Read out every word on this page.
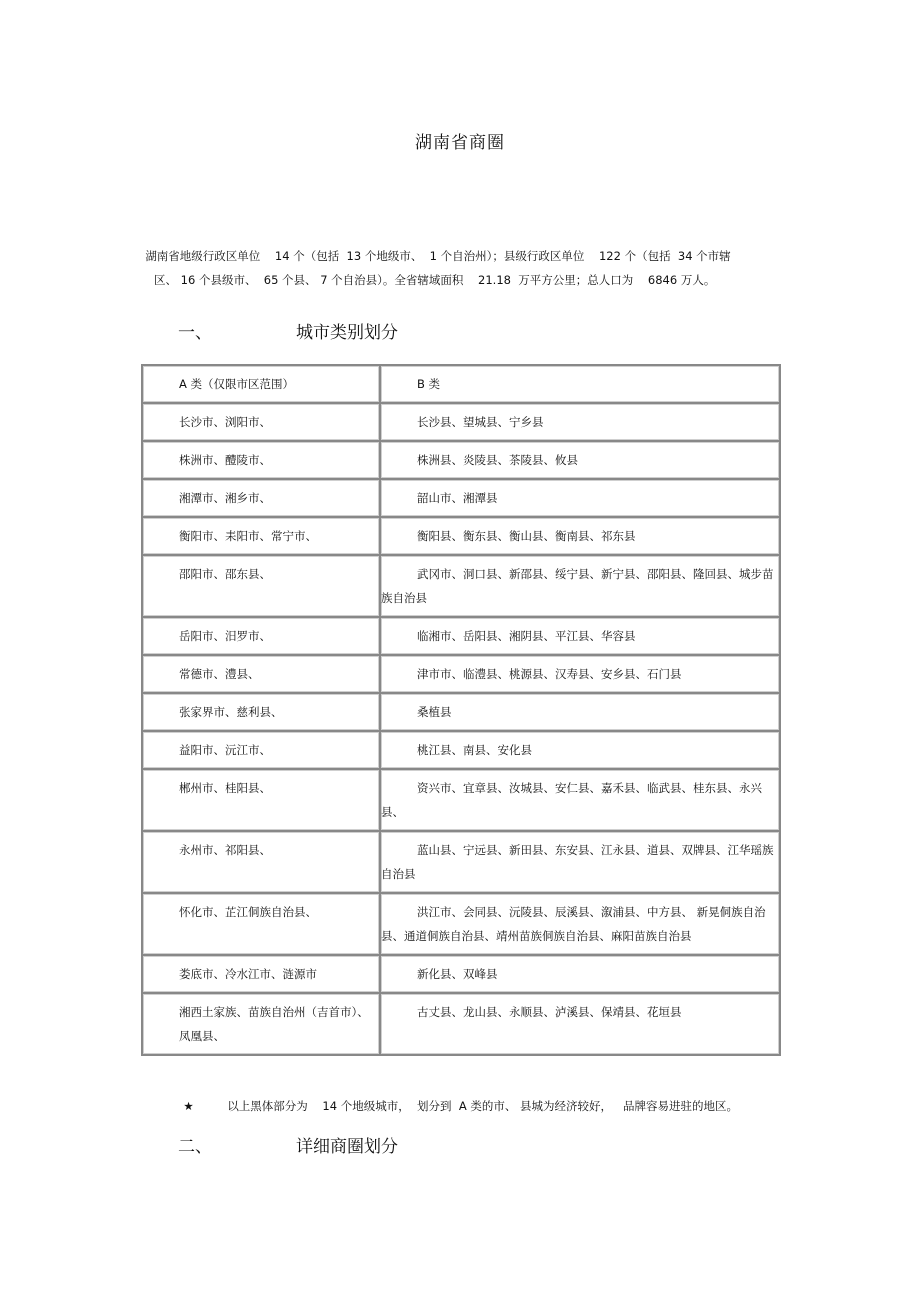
湖南省商圈

湖南省地级行政区单位    14 个（包括  13 个地级市、  1 个自治州）；县级行政区单位    122 个（包括  34 个市辖
区、 16 个县级市、  65 个县、 7 个自治县）。全省辖域面积    21.18  万平方公里；总人口为    6846 万人。

一、	城市类别划分
A 类（仅限市区范围）	B 类

长沙市、浏阳市、	长沙县、望城县、宁乡县

株洲市、醴陵市、	株洲县、炎陵县、茶陵县、攸县

湘潭市、湘乡市、	韶山市、湘潭县

衡阳市、耒阳市、常宁市、	衡阳县、衡东县、衡山县、衡南县、祁东县

邵阳市、邵东县、	武冈市、洞口县、新邵县、绥宁县、新宁县、邵阳县、隆回县、城步苗族自治县

岳阳市、汨罗市、	临湘市、岳阳县、湘阴县、平江县、华容县

常德市、澧县、	津市市、临澧县、桃源县、汉寿县、安乡县、石门县

张家界市、慈利县、	桑植县

益阳市、沅江市、	桃江县、南县、安化县

郴州市、桂阳县、	资兴市、宜章县、汝城县、安仁县、嘉禾县、临武县、桂东县、永兴县、

永州市、祁阳县、	蓝山县、宁远县、新田县、东安县、江永县、道县、双牌县、江华瑶族自治县

怀化市、芷江侗族自治县、	洪江市、会同县、沅陵县、辰溪县、溆浦县、中方县、 新晃侗族自治县、通道侗族自治县、靖州苗族侗族自治县、麻阳苗族自治县

娄底市、冷水江市、涟源市	新化县、双峰县

湘西土家族、苗族自治州（吉首市）、凤凰县、	古丈县、龙山县、永顺县、泸溪县、保靖县、花垣县

★	以上黑体部分为    14 个地级城市，  划分到  A 类的市、 县城为经济较好，   品牌容易进驻的地区。

二、	详细商圈划分
